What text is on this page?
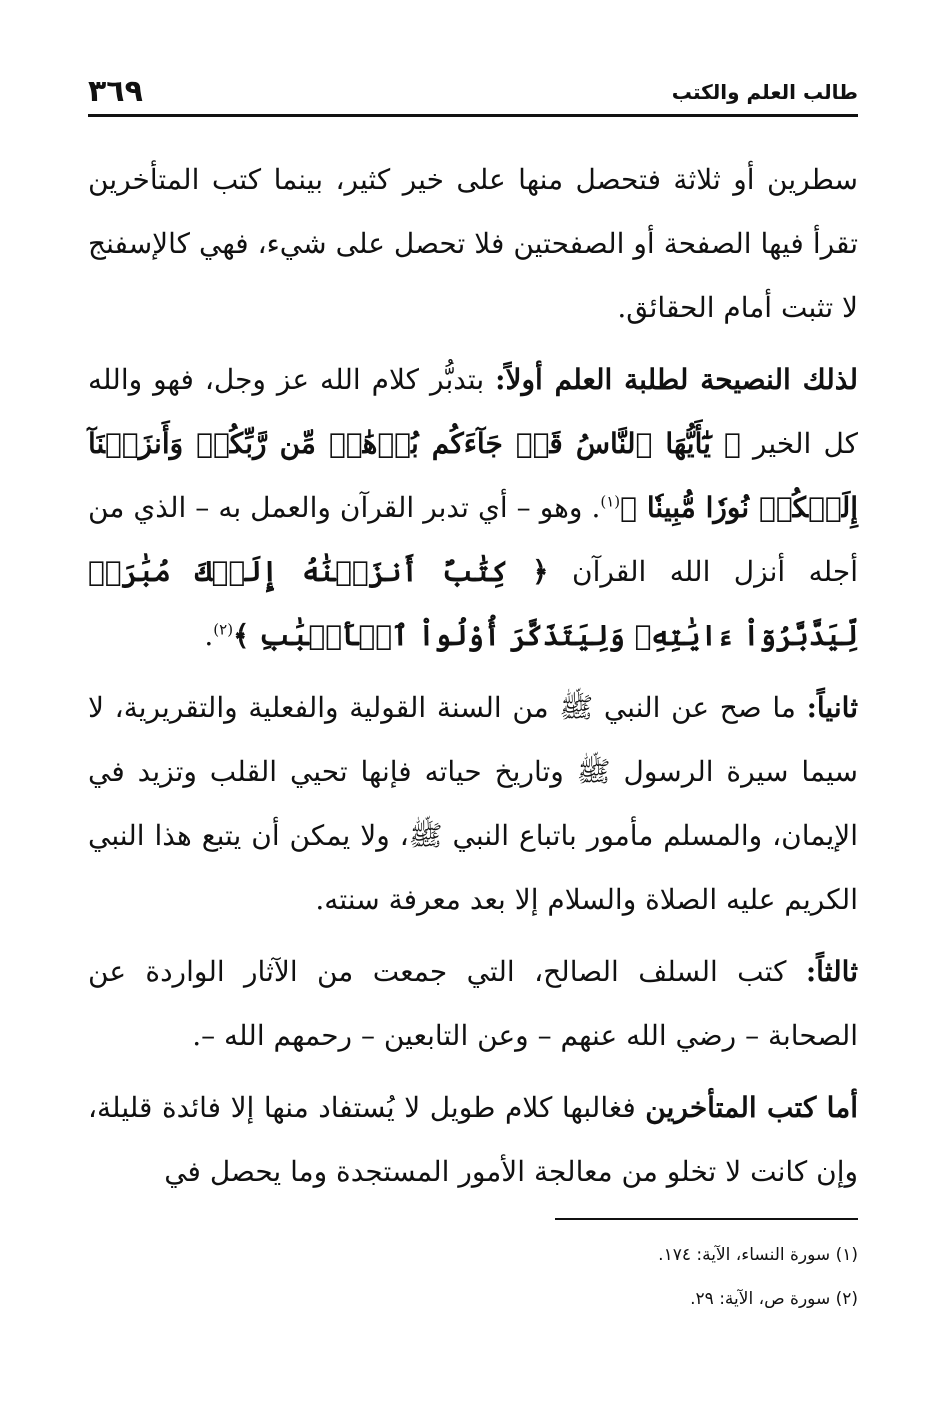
طالب العلم والكتب
٣٦٩

سطرين أو ثلاثة فتحصل منها على خير كثير، بينما كتب المتأخرين تقرأ فيها الصفحة أو الصفحتين فلا تحصل على شيء، فهي كالإسفنج لا تثبت أمام الحقائق.

لذلك النصيحة لطلبة العلم أولاً: بتدبُّر كلام الله عز وجل، فهو والله كل الخير ﴿ يَٰٓأَيُّهَا ٱلنَّاسُ قَدۡ جَآءَكُم بُرۡهَٰنٞ مِّن رَّبِّكُمۡ وَأَنزَلۡنَآ إِلَيۡكُمۡ نُورٗا مُّبِينٗا ﴾$^{(١)}$. وهو – أي تدبر القرآن والعمل به – الذي من أجله أنزل الله القرآن ﴿ كِتَٰبٌ أَنزَلۡنَٰهُ إِلَيۡكَ مُبَٰرَكٞ لِّيَدَّبَّرُوٓاْ ءَايَٰتِهِۦ وَلِيَتَذَكَّرَ أُوْلُواْ ٱلۡأَلۡبَٰبِ ﴾$^{(٢)}$.

ثانياً: ما صح عن النبي ﷺ من السنة القولية والفعلية والتقريرية، لا سيما سيرة الرسول ﷺ وتاريخ حياته فإنها تحيي القلب وتزيد في الإيمان، والمسلم مأمور باتباع النبي ﷺ، ولا يمكن أن يتبع هذا النبي الكريم عليه الصلاة والسلام إلا بعد معرفة سنته.

ثالثاً: كتب السلف الصالح، التي جمعت من الآثار الواردة عن الصحابة – رضي الله عنهم – وعن التابعين – رحمهم الله –.

أما كتب المتأخرين فغالبها كلام طويل لا يُستفاد منها إلا فائدة قليلة، وإن كانت لا تخلو من معالجة الأمور المستجدة وما يحصل في

(١) سورة النساء، الآية: ١٧٤.

(٢) سورة ص، الآية: ٢٩.
